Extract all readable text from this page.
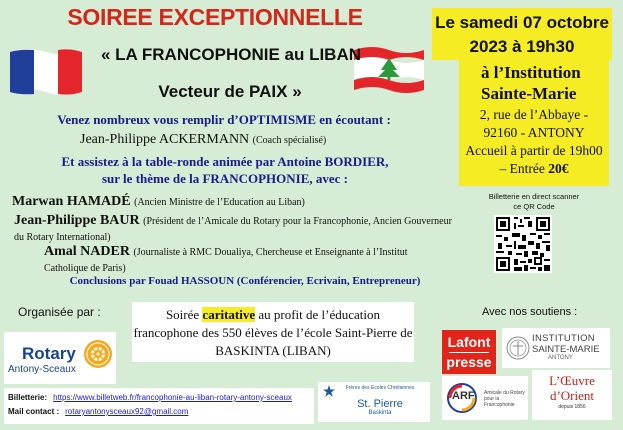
SOIREE EXCEPTIONNELLE
« LA FRANCOPHONIE au LIBAN
Vecteur de PAIX »
Le samedi 07 octobre
2023 à 19h30
à l’Institution
Sainte-Marie
2, rue de l’Abbaye -
92160 - ANTONY
Accueil à partir de 19h00
– Entrée 20€
Venez nombreux vous remplir d’OPTIMISME en écoutant :
Jean-Philippe ACKERMANN (Coach spécialisé)
Et assistez à la table-ronde animée par Antoine BORDIER,
sur le thème de la FRANCOPHONIE, avec :
Marwan HAMADÉ (Ancien Ministre de l’Education au Liban)
Jean-Philippe BAUR (Président de l’Amicale du Rotary pour la Francophonie, Ancien Gouverneur du Rotary International)
Amal NADER (Journaliste à RMC Doualiya, Chercheuse et Enseignante à l’Institut Catholique de Paris)
Conclusions par Fouad HASSOUN (Conférencier, Ecrivain, Entrepreneur)
Billetterie en direct scanner ce QR Code
Organisée par :
Rotary
Antony-Sceaux
Soirée caritative au profit de l’éducation francophone des 550 élèves de l’école Saint-Pierre de BASKINTA (LIBAN)
Billetterie: https://www.billetweb.fr/francophonie-au-liban-rotary-antony-sceaux
Mail contact : rotaryantonysceaux92@gmail.com
Frères des Ecoles Chrétiennes
St. Pierre
Baskinta
Avec nos soutiens :
Lafont
presse
INSTITUTION
SAINTE-MARIE
ANTONY
ARF Amicale du Rotary pour la Francophonie
L’Œuvre
d’Orient
depuis 1856
